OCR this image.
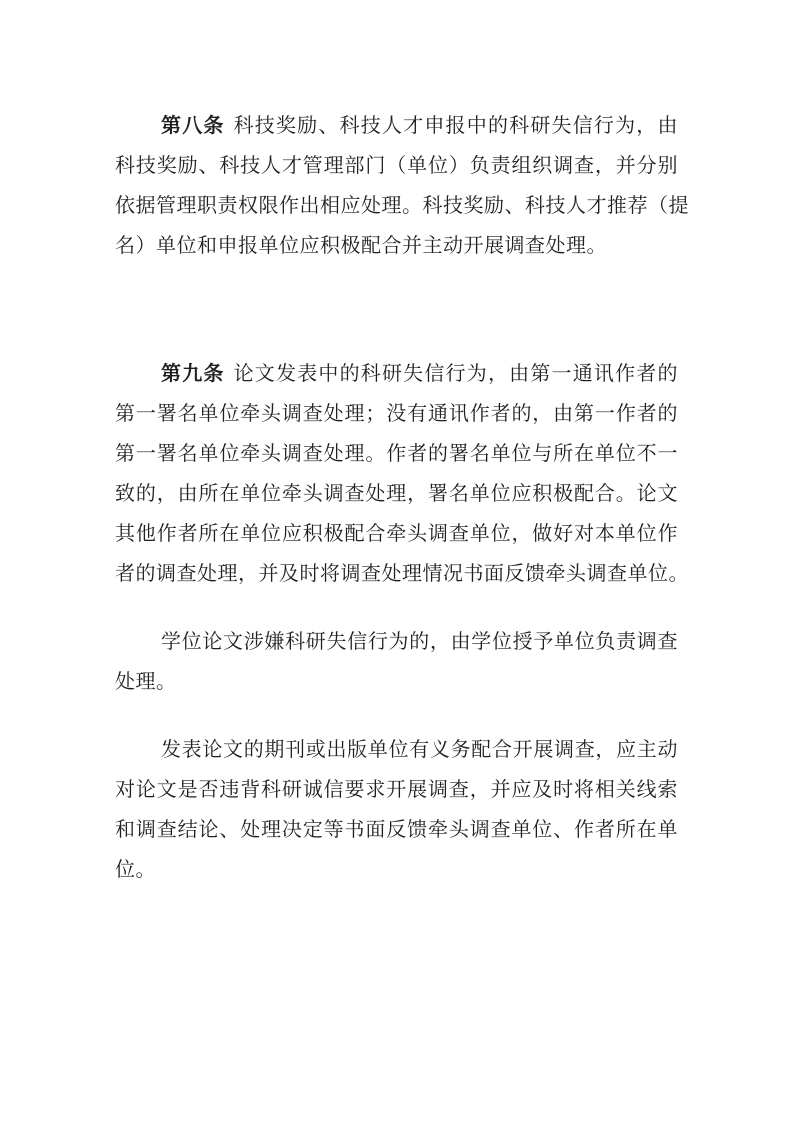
第八条 科技奖励、科技人才申报中的科研失信行为，由
科技奖励、科技人才管理部门（单位）负责组织调查，并分别
依据管理职责权限作出相应处理。科技奖励、科技人才推荐（提
名）单位和申报单位应积极配合并主动开展调查处理。
第九条 论文发表中的科研失信行为，由第一通讯作者的
第一署名单位牵头调查处理；没有通讯作者的，由第一作者的
第一署名单位牵头调查处理。作者的署名单位与所在单位不一
致的，由所在单位牵头调查处理，署名单位应积极配合。论文
其他作者所在单位应积极配合牵头调查单位，做好对本单位作
者的调查处理，并及时将调查处理情况书面反馈牵头调查单位。
学位论文涉嫌科研失信行为的，由学位授予单位负责调查
处理。
发表论文的期刊或出版单位有义务配合开展调查，应主动
对论文是否违背科研诚信要求开展调查，并应及时将相关线索
和调查结论、处理决定等书面反馈牵头调查单位、作者所在单
位。
